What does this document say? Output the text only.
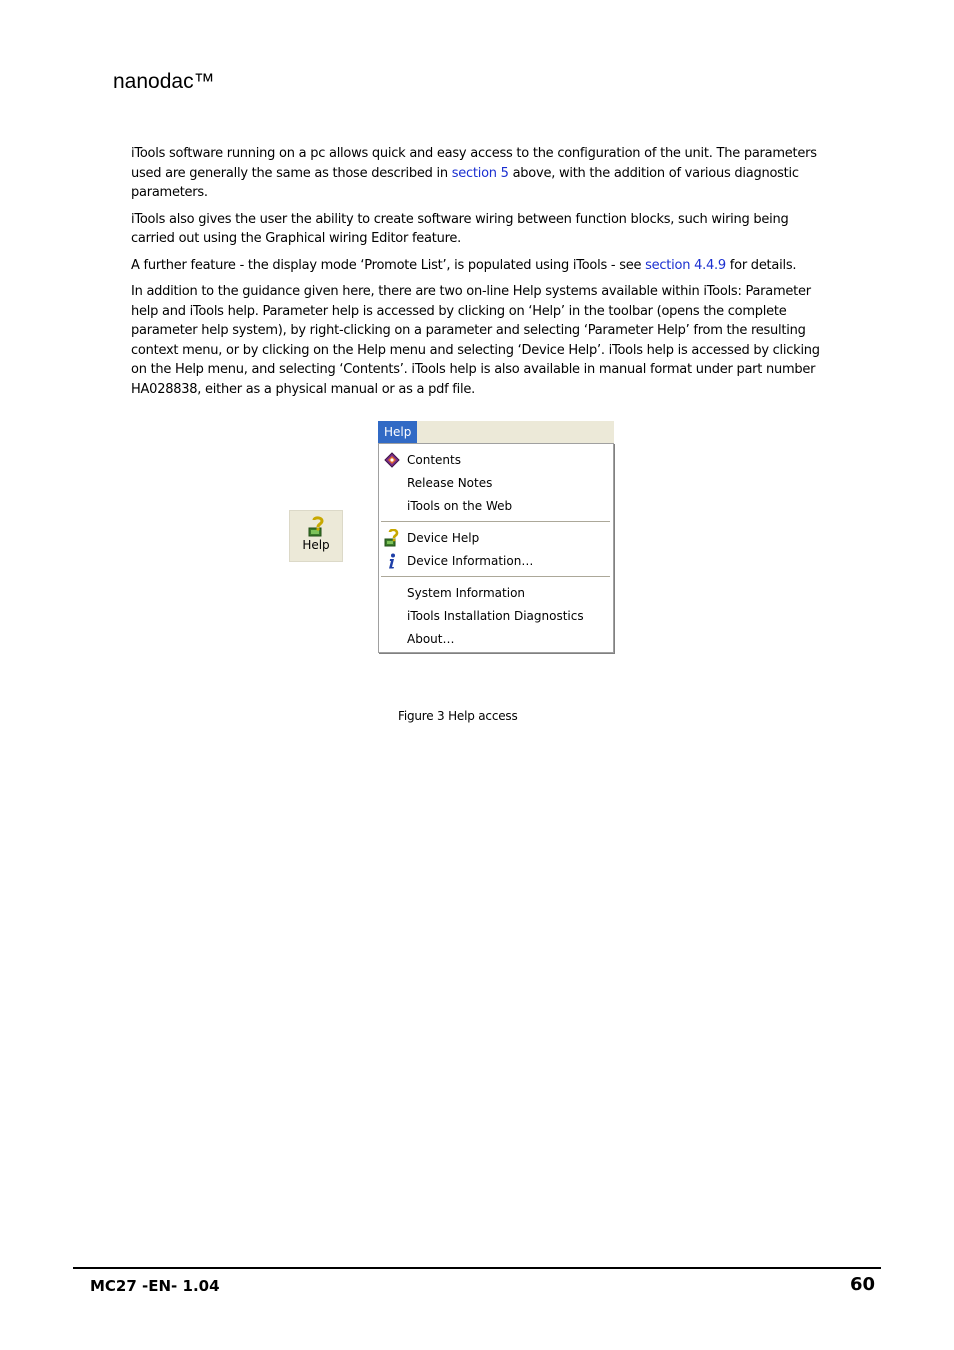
nanodac™

iTools software running on a pc allows quick and easy access to the configuration of the unit. The parameters used are generally the same as those described in section 5 above, with the addition of various diagnostic parameters.

iTools also gives the user the ability to create software wiring between function blocks, such wiring being carried out using the Graphical wiring Editor feature.

A further feature - the display mode ‘Promote List’, is populated using iTools - see section 4.4.9 for details.

In addition to the guidance given here, there are two on-line Help systems available within iTools: Parameter help and iTools help. Parameter help is accessed by clicking on ‘Help’ in the toolbar (opens the complete parameter help system), by right-clicking on a parameter and selecting ‘Parameter Help’ from the resulting context menu, or by clicking on the Help menu and selecting ‘Device Help’. iTools help is accessed by clicking on the Help menu, and selecting ‘Contents’. iTools help is also available in manual format under part number HA028838, either as a physical manual or as a pdf file.

Help
Help
Contents
Release Notes
iTools on the Web
Device Help
Device Information…
System Information
iTools Installation Diagnostics
About…
Figure 3 Help access
MC27 -EN- 1.04	60
